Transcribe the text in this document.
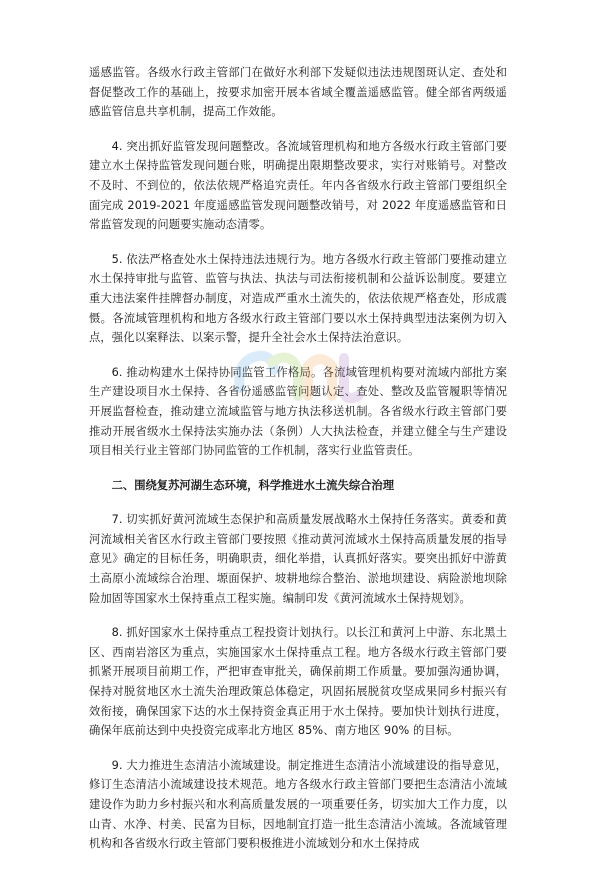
遥感监管。各级水行政主管部门在做好水利部下发疑似违法违规图斑认定、查处和督促整改工作的基础上，按要求加密开展本省域全覆盖遥感监管。健全部省两级遥感监管信息共享机制，提高工作效能。

4. 突出抓好监管发现问题整改。各流域管理机构和地方各级水行政主管部门要建立水土保持监管发现问题台账，明确提出限期整改要求，实行对账销号。对整改不及时、不到位的，依法依规严格追究责任。年内各省级水行政主管部门要组织全面完成 2019-2021 年度遥感监管发现问题整改销号，对 2022 年度遥感监管和日常监管发现的问题要实施动态清零。

5. 依法严格查处水土保持违法违规行为。地方各级水行政主管部门要推动建立水土保持审批与监管、监管与执法、执法与司法衔接机制和公益诉讼制度。要建立重大违法案件挂牌督办制度，对造成严重水土流失的，依法依规严格查处，形成震慑。各流域管理机构和地方各级水行政主管部门要以水土保持典型违法案例为切入点，强化以案释法、以案示警，提升全社会水土保持法治意识。

6. 推动构建水土保持协同监管工作格局。各流域管理机构要对流域内部批方案生产建设项目水土保持、各省份遥感监管问题认定、查处、整改及监管履职等情况开展监督检查，推动建立流域监管与地方执法移送机制。各省级水行政主管部门要推动开展省级水土保持法实施办法（条例）人大执法检查，并建立健全与生产建设项目相关行业主管部门协同监管的工作机制，落实行业监管责任。

二、围绕复苏河湖生态环境，科学推进水土流失综合治理

7. 切实抓好黄河流域生态保护和高质量发展战略水土保持任务落实。黄委和黄河流域相关省区水行政主管部门要按照《推动黄河流域水土保持高质量发展的指导意见》确定的目标任务，明确职责，细化举措，认真抓好落实。要突出抓好中游黄土高原小流域综合治理、塬面保护、坡耕地综合整治、淤地坝建设、病险淤地坝除险加固等国家水土保持重点工程实施。编制印发《黄河流域水土保持规划》。

8. 抓好国家水土保持重点工程投资计划执行。以长江和黄河上中游、东北黑土区、西南岩溶区为重点，实施国家水土保持重点工程。地方各级水行政主管部门要抓紧开展项目前期工作，严把审查审批关，确保前期工作质量。要加强沟通协调，保持对脱贫地区水土流失治理政策总体稳定，巩固拓展脱贫攻坚成果同乡村振兴有效衔接，确保国家下达的水土保持资金真正用于水土保持。要加快计划执行进度，确保年底前达到中央投资完成率北方地区 85%、南方地区 90% 的目标。

9. 大力推进生态清洁小流域建设。制定推进生态清洁小流域建设的指导意见，修订生态清洁小流域建设技术规范。地方各级水行政主管部门要把生态清洁小流域建设作为助力乡村振兴和水利高质量发展的一项重要任务，切实加大工作力度，以山青、水净、村美、民富为目标，因地制宜打造一批生态清洁小流域。各流域管理机构和各省级水行政主管部门要积极推进小流域划分和水土保持成
